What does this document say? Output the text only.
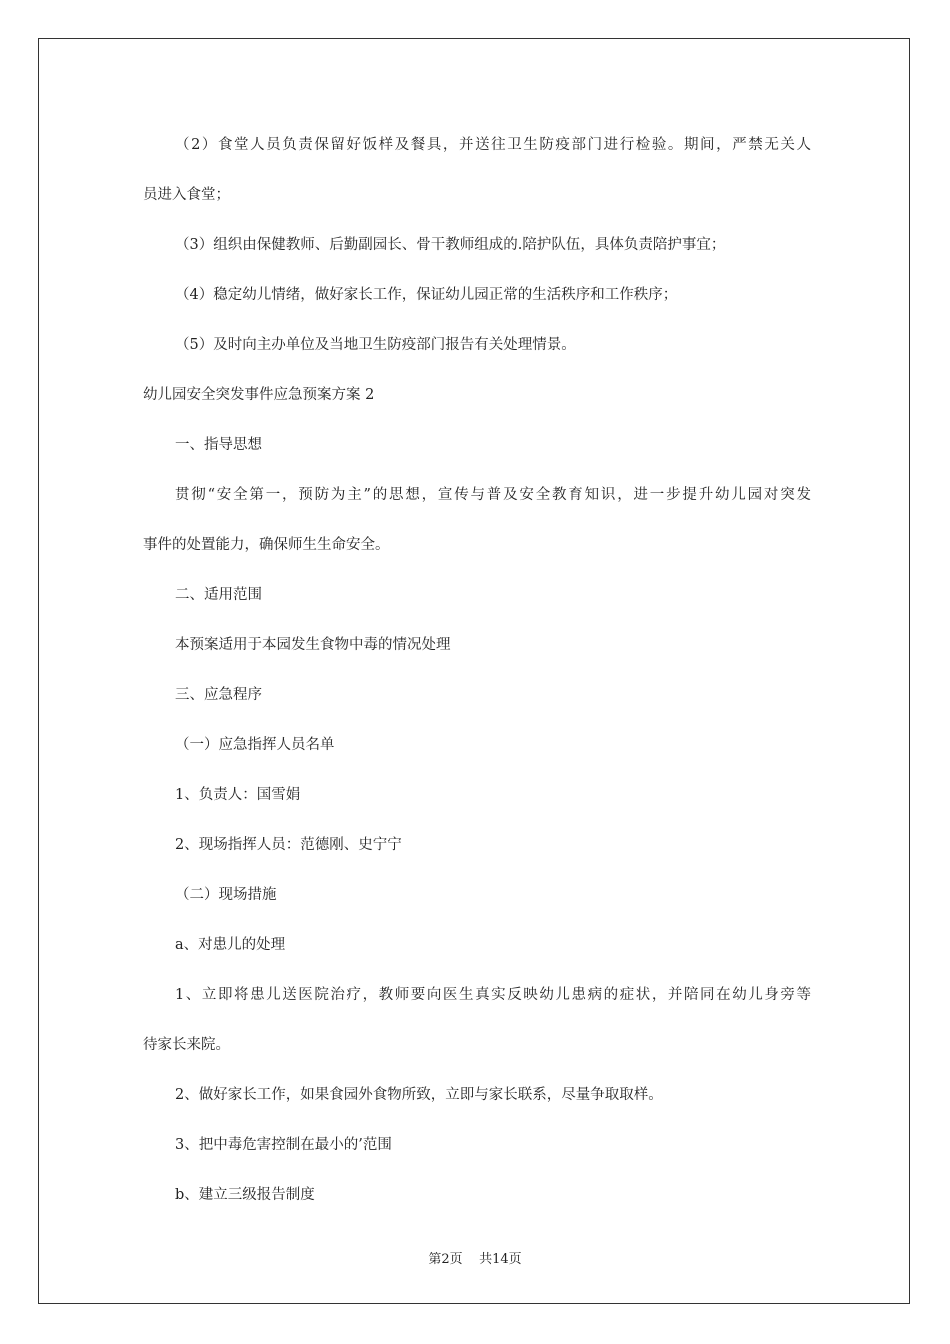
（2）食堂人员负责保留好饭样及餐具，并送往卫生防疫部门进行检验。期间，严禁无关人
员进入食堂；
（3）组织由保健教师、后勤副园长、骨干教师组成的.陪护队伍，具体负责陪护事宜；
（4）稳定幼儿情绪，做好家长工作，保证幼儿园正常的生活秩序和工作秩序；
（5）及时向主办单位及当地卫生防疫部门报告有关处理情景。
幼儿园安全突发事件应急预案方案 2
一、指导思想
贯彻“安全第一，预防为主”的思想，宣传与普及安全教育知识，进一步提升幼儿园对突发
事件的处置能力，确保师生生命安全。
二、适用范围
本预案适用于本园发生食物中毒的情况处理
三、应急程序
（一）应急指挥人员名单
1、负责人：国雪娟
2、现场指挥人员：范德刚、史宁宁
（二）现场措施
a、对患儿的处理
1、立即将患儿送医院治疗，教师要向医生真实反映幼儿患病的症状，并陪同在幼儿身旁等
待家长来院。
2、做好家长工作，如果食园外食物所致，立即与家长联系，尽量争取取样。
3、把中毒危害控制在最小的’范围
b、建立三级报告制度
第2页 共14页
